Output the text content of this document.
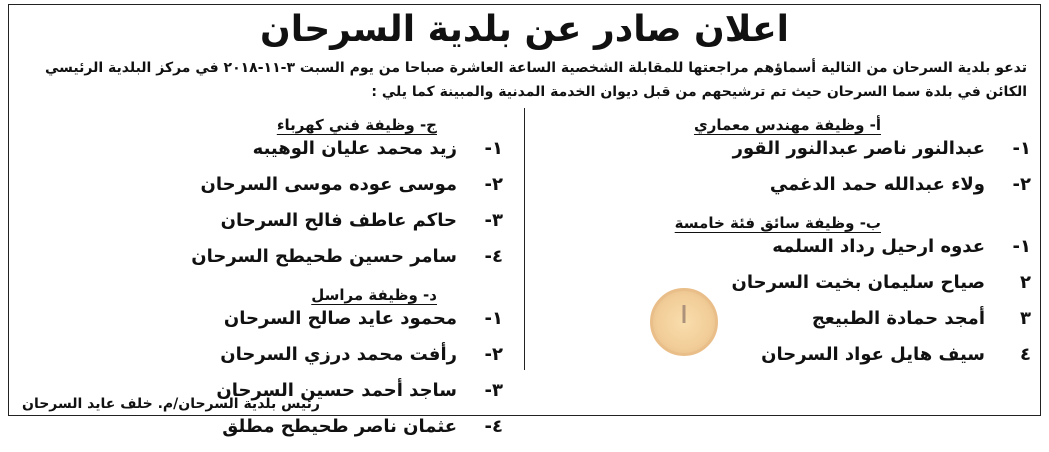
اعلان صادر عن بلدية السرحان

تدعو بلدية السرحان من التالية أسماؤهم مراجعتها للمقابلة الشخصية الساعة العاشرة صباحا من يوم السبت ٣-١١-٢٠١٨ في مركز البلدية الرئيسي

الكائن في بلدة سما السرحان حيث تم ترشيحهم من قبل ديوان الخدمة المدنية والمبينة كما يلي :

أ- وظيفة مهندس معماري
١-
عبدالنور ناصر عبدالنور القور
٢-
ولاء عبدالله حمد الدغمي
ب- وظيفة سائق فئة خامسة
١-
عدوه ارحيل رداد السلمه
٢
صياح سليمان بخيت السرحان
٣
أمجد حمادة الطبيعج
٤
سيف هايل عواد السرحان
ج- وظيفة فني كهرباء
١-
زيد محمد عليان الوهيبه
٢-
موسى عوده موسى السرحان
٣-
حاكم عاطف فالح السرحان
٤-
سامر حسين طحيطح السرحان
د- وظيفة مراسل
١-
محمود عايد صالح السرحان
٢-
رأفت محمد درزي السرحان
٣-
ساجد أحمد حسين السرحان
٤-
عثمان ناصر طحيطح مطلق
رئيس بلدية السرحان/م. خلف عايد السرحان
